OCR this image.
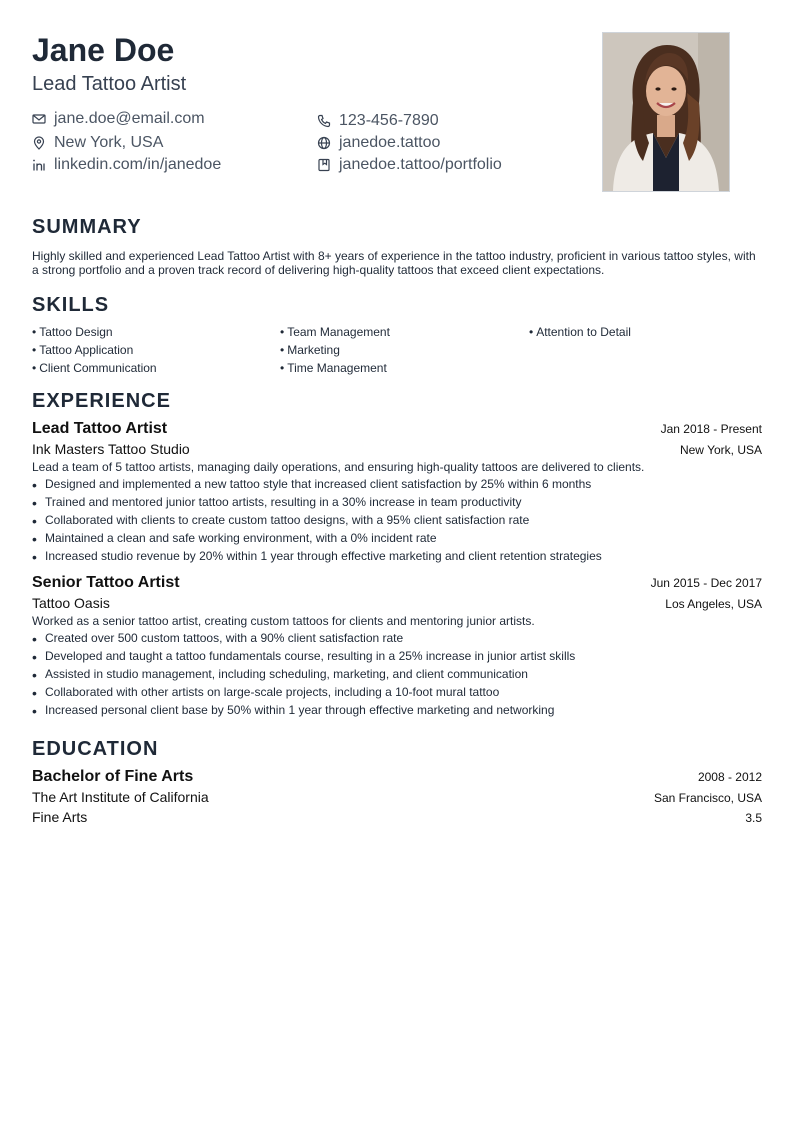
Jane Doe
Lead Tattoo Artist
jane.doe@email.com	123-456-7890
New York, USA	janedoe.tattoo
linkedin.com/in/janedoe	janedoe.tattoo/portfolio
SUMMARY

Highly skilled and experienced Lead Tattoo Artist with 8+ years of experience in the tattoo industry, proficient in various tattoo styles, with a strong portfolio and a proven track record of delivering high-quality tattoos that exceed client expectations.

SKILLS
• Tattoo Design	• Team Management	• Attention to Detail
• Tattoo Application	• Marketing
• Client Communication	• Time Management
EXPERIENCE
Lead Tattoo Artist	Jan 2018 - Present
Ink Masters Tattoo Studio	New York, USA
Lead a team of 5 tattoo artists, managing daily operations, and ensuring high-quality tattoos are delivered to clients.
• Designed and implemented a new tattoo style that increased client satisfaction by 25% within 6 months
• Trained and mentored junior tattoo artists, resulting in a 30% increase in team productivity
• Collaborated with clients to create custom tattoo designs, with a 95% client satisfaction rate
• Maintained a clean and safe working environment, with a 0% incident rate
• Increased studio revenue by 20% within 1 year through effective marketing and client retention strategies
Senior Tattoo Artist	Jun 2015 - Dec 2017
Tattoo Oasis	Los Angeles, USA
Worked as a senior tattoo artist, creating custom tattoos for clients and mentoring junior artists.
• Created over 500 custom tattoos, with a 90% client satisfaction rate
• Developed and taught a tattoo fundamentals course, resulting in a 25% increase in junior artist skills
• Assisted in studio management, including scheduling, marketing, and client communication
• Collaborated with other artists on large-scale projects, including a 10-foot mural tattoo
• Increased personal client base by 50% within 1 year through effective marketing and networking
EDUCATION
Bachelor of Fine Arts	2008 - 2012
The Art Institute of California	San Francisco, USA
Fine Arts	3.5
